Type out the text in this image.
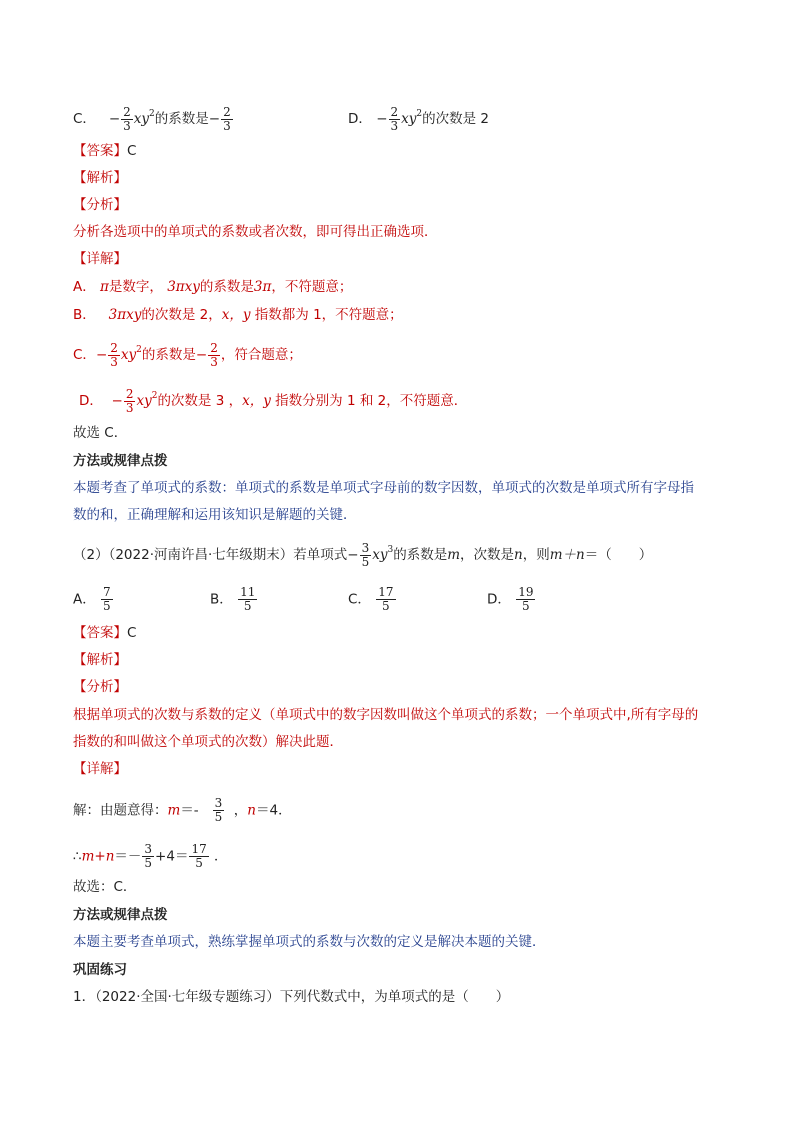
C． − $\frac{2}{3} xy^2$的系数是− $\frac{2}{3}$	D． − $\frac{2}{3} xy^2$的次数是 2
【答案】C
【解析】
【分析】
分析各选项中的单项式的系数或者次数，即可得出正确选项．
【详解】
A． π是数字， 3πxy的系数是3π，不符题意；
B． 3πxy的次数是 2，x，y 指数都为 1，不符题意；
C．− $\frac{2}{3} xy^2$的系数是− $\frac{2}{3}$ ，符合题意；
D． − $\frac{2}{3} xy^2$的次数是 3 ，x，y 指数分别为 1 和 2，不符题意．
故选 C．
方法或规律点拨
本题考查了单项式的系数：单项式的系数是单项式字母前的数字因数，单项式的次数是单项式所有字母指
数的和，正确理解和运用该知识是解题的关键．
（2）（2022·河南许昌·七年级期末）若单项式− $\frac{3}{5} xy^3$的系数是m，次数是n，则m＋n＝（　　）
A． $\frac{7}{5}$	B． $\frac{11}{5}$	C． $\frac{17}{5}$	D． $\frac{19}{5}$
【答案】C
【解析】
【分析】
根据单项式的次数与系数的定义（单项式中的数字因数叫做这个单项式的系数；一个单项式中,所有字母的
指数的和叫做这个单项式的次数）解决此题．
【详解】
解：由题意得：$m=- \frac{3}{5}$ ，n＝4．
∴m+n＝－ $\frac{3}{5} +4= \frac{17}{5}$ ．
故选：C．
方法或规律点拨
本题主要考查单项式，熟练掌握单项式的系数与次数的定义是解决本题的关键．
巩固练习
1．（2022·全国·七年级专题练习）下列代数式中，为单项式的是（　　）
